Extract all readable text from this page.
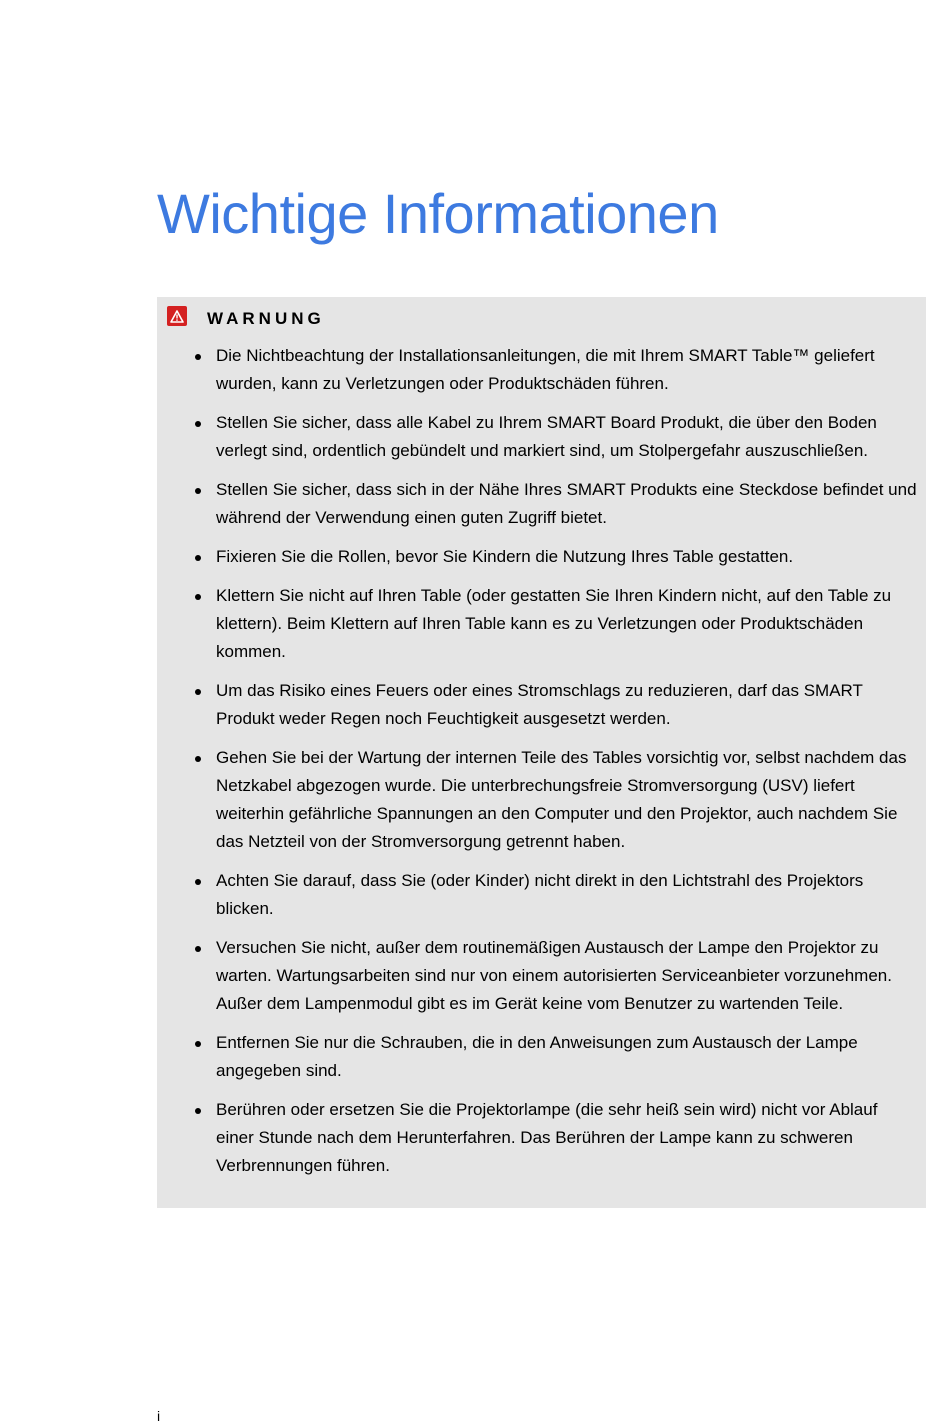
Wichtige Informationen
WARNUNG
Die Nichtbeachtung der Installationsanleitungen, die mit Ihrem SMART Table™ geliefert wurden, kann zu Verletzungen oder Produktschäden führen.
Stellen Sie sicher, dass alle Kabel zu Ihrem SMART Board Produkt, die über den Boden verlegt sind, ordentlich gebündelt und markiert sind, um Stolpergefahr auszuschließen.
Stellen Sie sicher, dass sich in der Nähe Ihres SMART Produkts eine Steckdose befindet und während der Verwendung einen guten Zugriff bietet.
Fixieren Sie die Rollen, bevor Sie Kindern die Nutzung Ihres Table gestatten.
Klettern Sie nicht auf Ihren Table (oder gestatten Sie Ihren Kindern nicht, auf den Table zu klettern). Beim Klettern auf Ihren Table kann es zu Verletzungen oder Produktschäden kommen.
Um das Risiko eines Feuers oder eines Stromschlags zu reduzieren, darf das SMART Produkt weder Regen noch Feuchtigkeit ausgesetzt werden.
Gehen Sie bei der Wartung der internen Teile des Tables vorsichtig vor, selbst nachdem das Netzkabel abgezogen wurde. Die unterbrechungsfreie Stromversorgung (USV) liefert weiterhin gefährliche Spannungen an den Computer und den Projektor, auch nachdem Sie das Netzteil von der Stromversorgung getrennt haben.
Achten Sie darauf, dass Sie (oder Kinder) nicht direkt in den Lichtstrahl des Projektors blicken.
Versuchen Sie nicht, außer dem routinemäßigen Austausch der Lampe den Projektor zu warten. Wartungsarbeiten sind nur von einem autorisierten Serviceanbieter vorzunehmen. Außer dem Lampenmodul gibt es im Gerät keine vom Benutzer zu wartenden Teile.
Entfernen Sie nur die Schrauben, die in den Anweisungen zum Austausch der Lampe angegeben sind.
Berühren oder ersetzen Sie die Projektorlampe (die sehr heiß sein wird) nicht vor Ablauf einer Stunde nach dem Herunterfahren. Das Berühren der Lampe kann zu schweren Verbrennungen führen.
i
